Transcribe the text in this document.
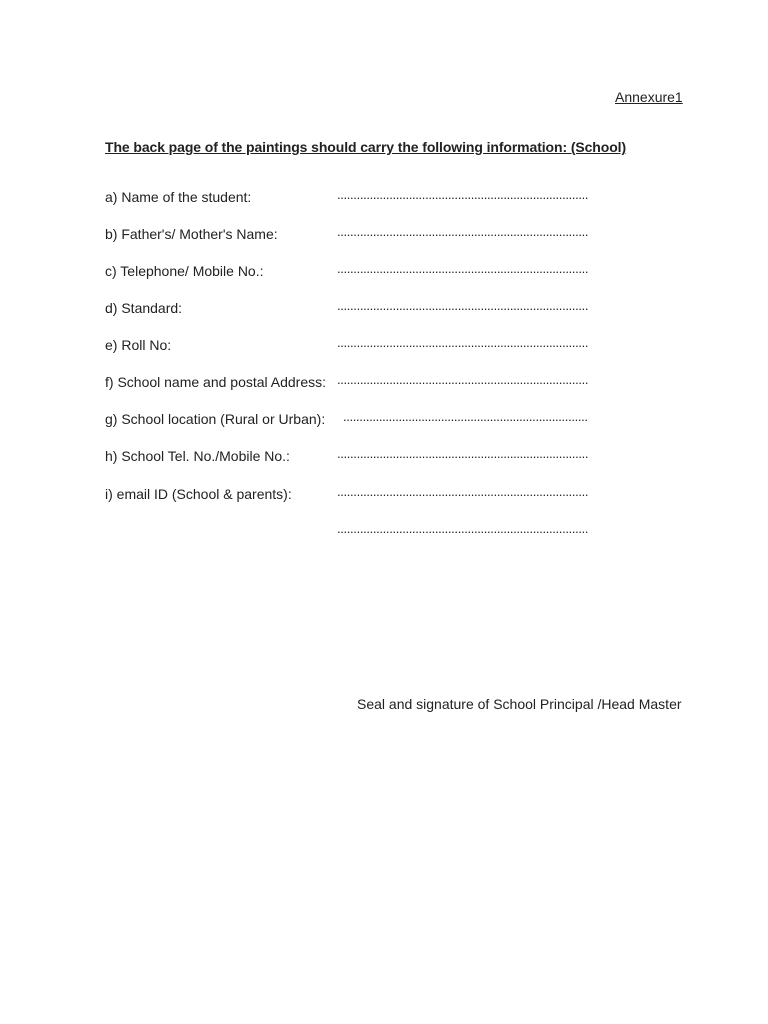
Annexure1
The back page of the paintings should carry the following information: (School)
a) Name of the student:	.............................................................................
b) Father's/ Mother's Name:	.............................................................................
c) Telephone/ Mobile No.:	.............................................................................
d) Standard:	.............................................................................
e) Roll No:	.............................................................................
f) School name and postal Address: .............................................................................
g) School location (Rural or Urban): ...........................................................................
h) School Tel. No./Mobile No.:	.............................................................................
i) email ID (School & parents):	.............................................................................
.............................................................................
Seal and signature of School Principal /Head Master
